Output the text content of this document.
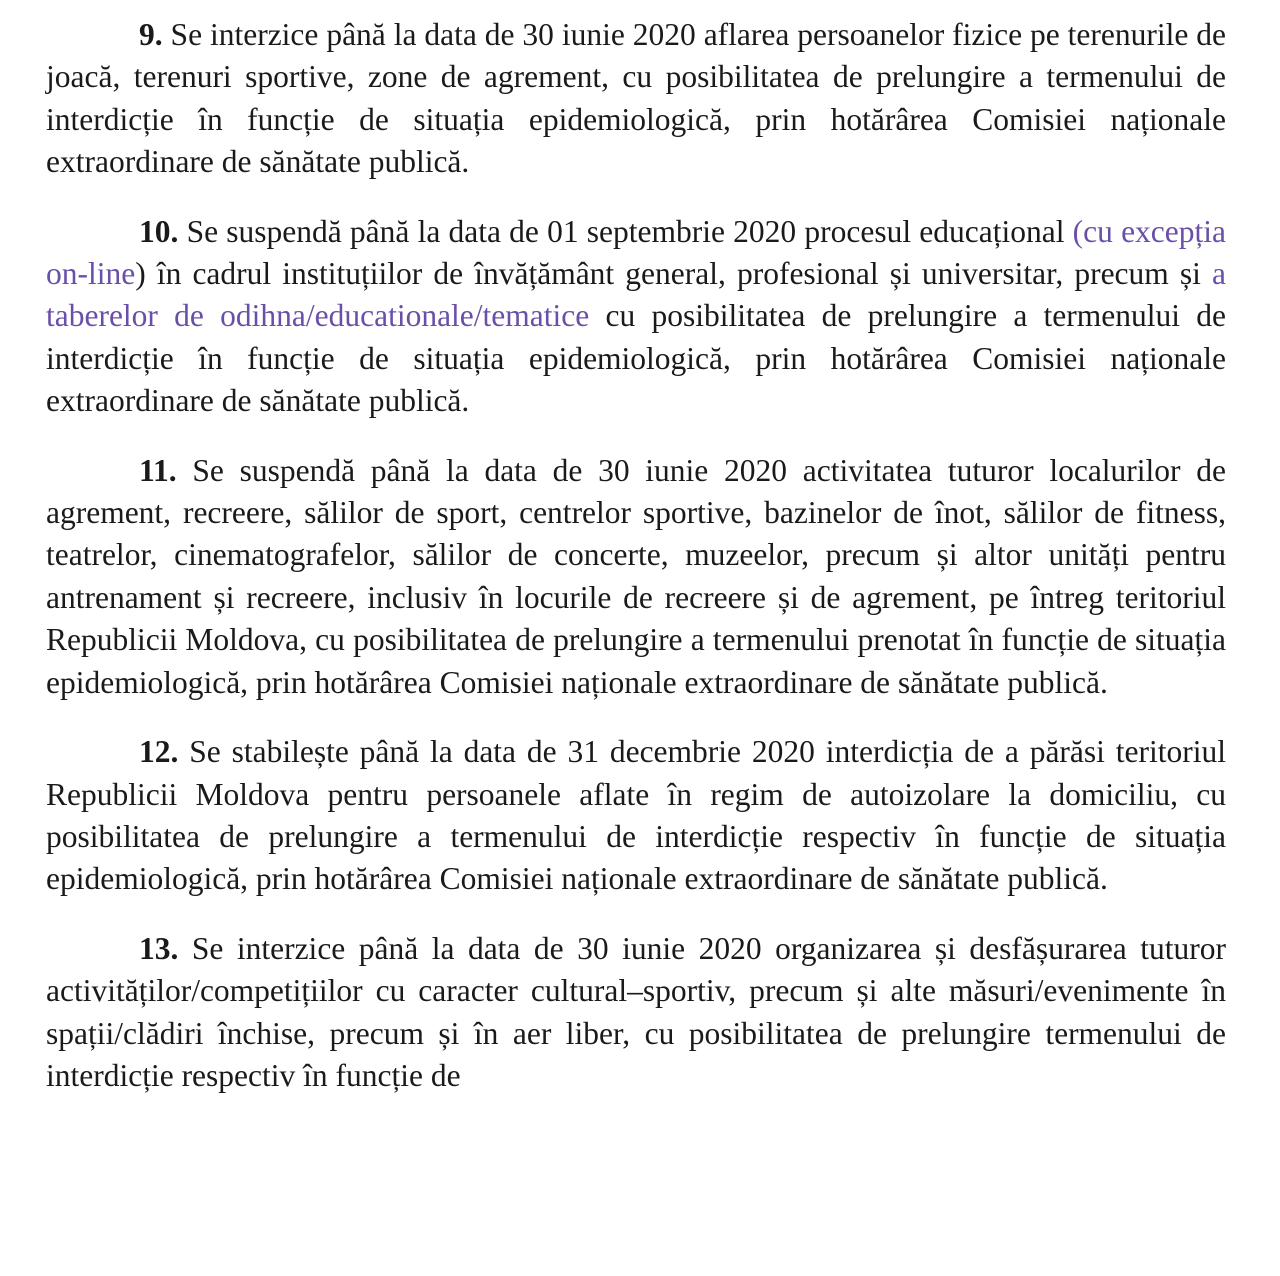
9. Se interzice până la data de 30 iunie 2020 aflarea persoanelor fizice pe terenurile de joacă, terenuri sportive, zone de agrement, cu posibilitatea de prelungire a termenului de interdicție în funcție de situația epidemiologică, prin hotărârea Comisiei naționale extraordinare de sănătate publică.

10. Se suspendă până la data de 01 septembrie 2020 procesul educațional (cu excepția on-line) în cadrul instituțiilor de învățământ general, profesional și universitar, precum și a taberelor de odihna/educationale/tematice cu posibilitatea de prelungire a termenului de interdicție în funcție de situația epidemiologică, prin hotărârea Comisiei naționale extraordinare de sănătate publică.

11. Se suspendă până la data de 30 iunie 2020 activitatea tuturor localurilor de agrement, recreere, sălilor de sport, centrelor sportive, bazinelor de înot, sălilor de fitness, teatrelor, cinematografelor, sălilor de concerte, muzeelor, precum și altor unități pentru antrenament și recreere, inclusiv în locurile de recreere și de agrement, pe întreg teritoriul Republicii Moldova, cu posibilitatea de prelungire a termenului prenotat în funcție de situația epidemiologică, prin hotărârea Comisiei naționale extraordinare de sănătate publică.

12. Se stabilește până la data de 31 decembrie 2020 interdicția de a părăsi teritoriul Republicii Moldova pentru persoanele aflate în regim de autoizolare la domiciliu, cu posibilitatea de prelungire a termenului de interdicție respectiv în funcție de situația epidemiologică, prin hotărârea Comisiei naționale extraordinare de sănătate publică.

13. Se interzice până la data de 30 iunie 2020 organizarea și desfășurarea tuturor activităților/competițiilor cu caracter cultural–sportiv, precum și alte măsuri/evenimente în spații/clădiri închise, precum și în aer liber, cu posibilitatea de prelungire termenului de interdicție respectiv în funcție de
